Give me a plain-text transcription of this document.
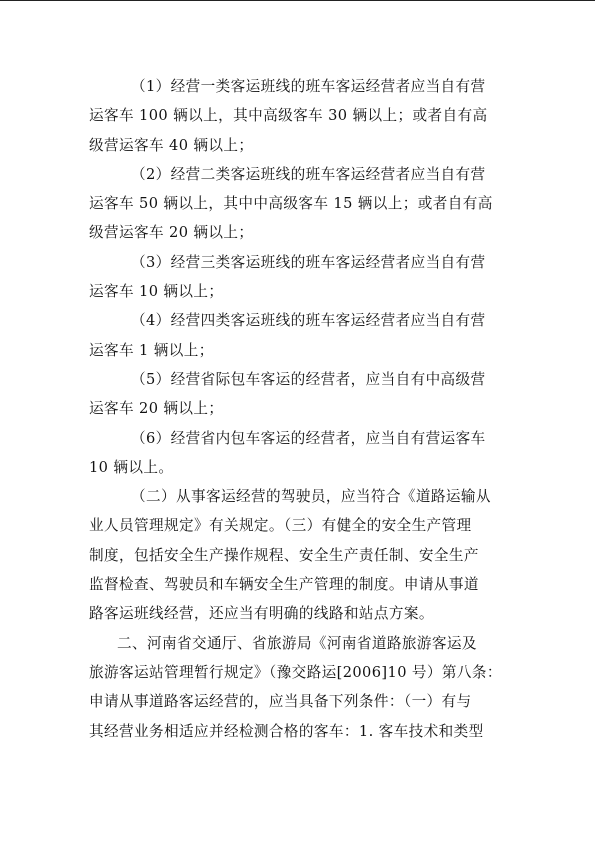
（1）经营一类客运班线的班车客运经营者应当自有营
运客车 100 辆以上，其中高级客车 30 辆以上；或者自有高
级营运客车 40 辆以上；
（2）经营二类客运班线的班车客运经营者应当自有营
运客车 50 辆以上，其中中高级客车 15 辆以上；或者自有高
级营运客车 20 辆以上；
（3）经营三类客运班线的班车客运经营者应当自有营
运客车 10 辆以上；
（4）经营四类客运班线的班车客运经营者应当自有营
运客车 1 辆以上；
（5）经营省际包车客运的经营者，应当自有中高级营
运客车 20 辆以上；
（6）经营省内包车客运的经营者，应当自有营运客车
10 辆以上。
（二）从事客运经营的驾驶员，应当符合《道路运输从
业人员管理规定》有关规定。（三）有健全的安全生产管理
制度，包括安全生产操作规程、安全生产责任制、安全生产
监督检查、驾驶员和车辆安全生产管理的制度。申请从事道
路客运班线经营，还应当有明确的线路和站点方案。
二、河南省交通厅、省旅游局《河南省道路旅游客运及
旅游客运站管理暂行规定》（豫交路运[2006]10 号）第八条：
申请从事道路客运经营的，应当具备下列条件：（一）有与
其经营业务相适应并经检测合格的客车：1. 客车技术和类型
